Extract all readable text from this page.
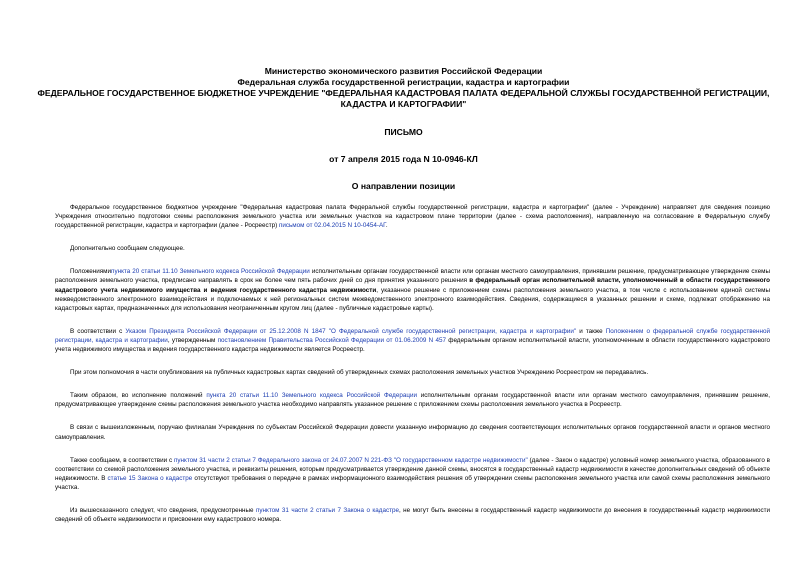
Министерство экономического развития Российской Федерации
Федеральная служба государственной регистрации, кадастра и картографии
ФЕДЕРАЛЬНОЕ ГОСУДАРСТВЕННОЕ БЮДЖЕТНОЕ УЧРЕЖДЕНИЕ "ФЕДЕРАЛЬНАЯ КАДАСТРОВАЯ ПАЛАТА ФЕДЕРАЛЬНОЙ СЛУЖБЫ ГОСУДАРСТВЕННОЙ РЕГИСТРАЦИИ, КАДАСТРА И КАРТОГРАФИИ"
ПИСЬМО
от 7 апреля 2015 года N 10-0946-КЛ
О направлении позиции

Федеральное государственное бюджетное учреждение "Федеральная кадастровая палата Федеральной службы государственной регистрации, кадастра и картографии" (далее - Учреждение) направляет для сведения позицию Учреждения относительно подготовки схемы расположения земельного участка или земельных участков на кадастровом плане территории (далее - схема расположения), направленную на согласование в Федеральную службу государственной регистрации, кадастра и картографии (далее - Росреестр) письмом от 02.04.2015 N 10-0454-АГ.

Дополнительно сообщаем следующее.

Положениямипункта 20 статьи 11.10 Земельного кодекса Российской Федерации исполнительным органам государственной власти или органам местного самоуправления, принявшим решение, предусматривающее утверждение схемы расположения земельного участка, предписано направлять в срок не более чем пять рабочих дней со дня принятия указанного решения в федеральный орган исполнительной власти, уполномоченный в области государственного кадастрового учета недвижимого имущества и ведения государственного кадастра недвижимости, указанное решение с приложением схемы расположения земельного участка, в том числе с использованием единой системы межведомственного электронного взаимодействия и подключаемых к ней региональных систем межведомственного электронного взаимодействия. Сведения, содержащиеся в указанных решении и схеме, подлежат отображению на кадастровых картах, предназначенных для использования неограниченным кругом лиц (далее - публичные кадастровые карты).

В соответствии с Указом Президента Российской Федерации от 25.12.2008 N 1847 "О Федеральной службе государственной регистрации, кадастра и картографии" и также Положением о федеральной службе государственной регистрации, кадастра и картографии, утвержденным постановлением Правительства Российской Федерации от 01.06.2009 N 457 федеральным органом исполнительной власти, уполномоченным в области государственного кадастрового учета недвижимого имущества и ведения государственного кадастра недвижимости является Росреестр.

При этом полномочия в части опубликования на публичных кадастровых картах сведений об утвержденных схемах расположения земельных участков Учреждению Росреестром не передавались.

Таким образом, во исполнение положений пункта 20 статьи 11.10 Земельного кодекса Российской Федерации исполнительным органам государственной власти или органам местного самоуправления, принявшим решение, предусматривающее утверждение схемы расположения земельного участка необходимо направлять указанное решение с приложением схемы расположения земельного участка в Росреестр.

В связи с вышеизложенным, поручаю филиалам Учреждения по субъектам Российской Федерации довести указанную информацию до сведения соответствующих исполнительных органов государственной власти и органов местного самоуправления.

Также сообщаем, в соответствии с пунктом 31 части 2 статьи 7 Федерального закона от 24.07.2007 N 221-ФЗ "О государственном кадастре недвижимости" (далее - Закон о кадастре) условный номер земельного участка, образованного в соответствии со схемой расположения земельного участка, и реквизиты решения, которым предусматривается утверждение данной схемы, вносятся в государственный кадастр недвижимости в качестве дополнительных сведений об объекте недвижимости. В статье 15 Закона о кадастре отсутствуют требования о передаче в рамках информационного взаимодействия решения об утверждении схемы расположения земельного участка или самой схемы расположения земельного участка.

Из вышесказанного следует, что сведения, предусмотренные пунктом 31 части 2 статьи 7 Закона о кадастре, не могут быть внесены в государственный кадастр недвижимости до внесения в государственный кадастр недвижимости сведений об объекте недвижимости и присвоении ему кадастрового номера.
